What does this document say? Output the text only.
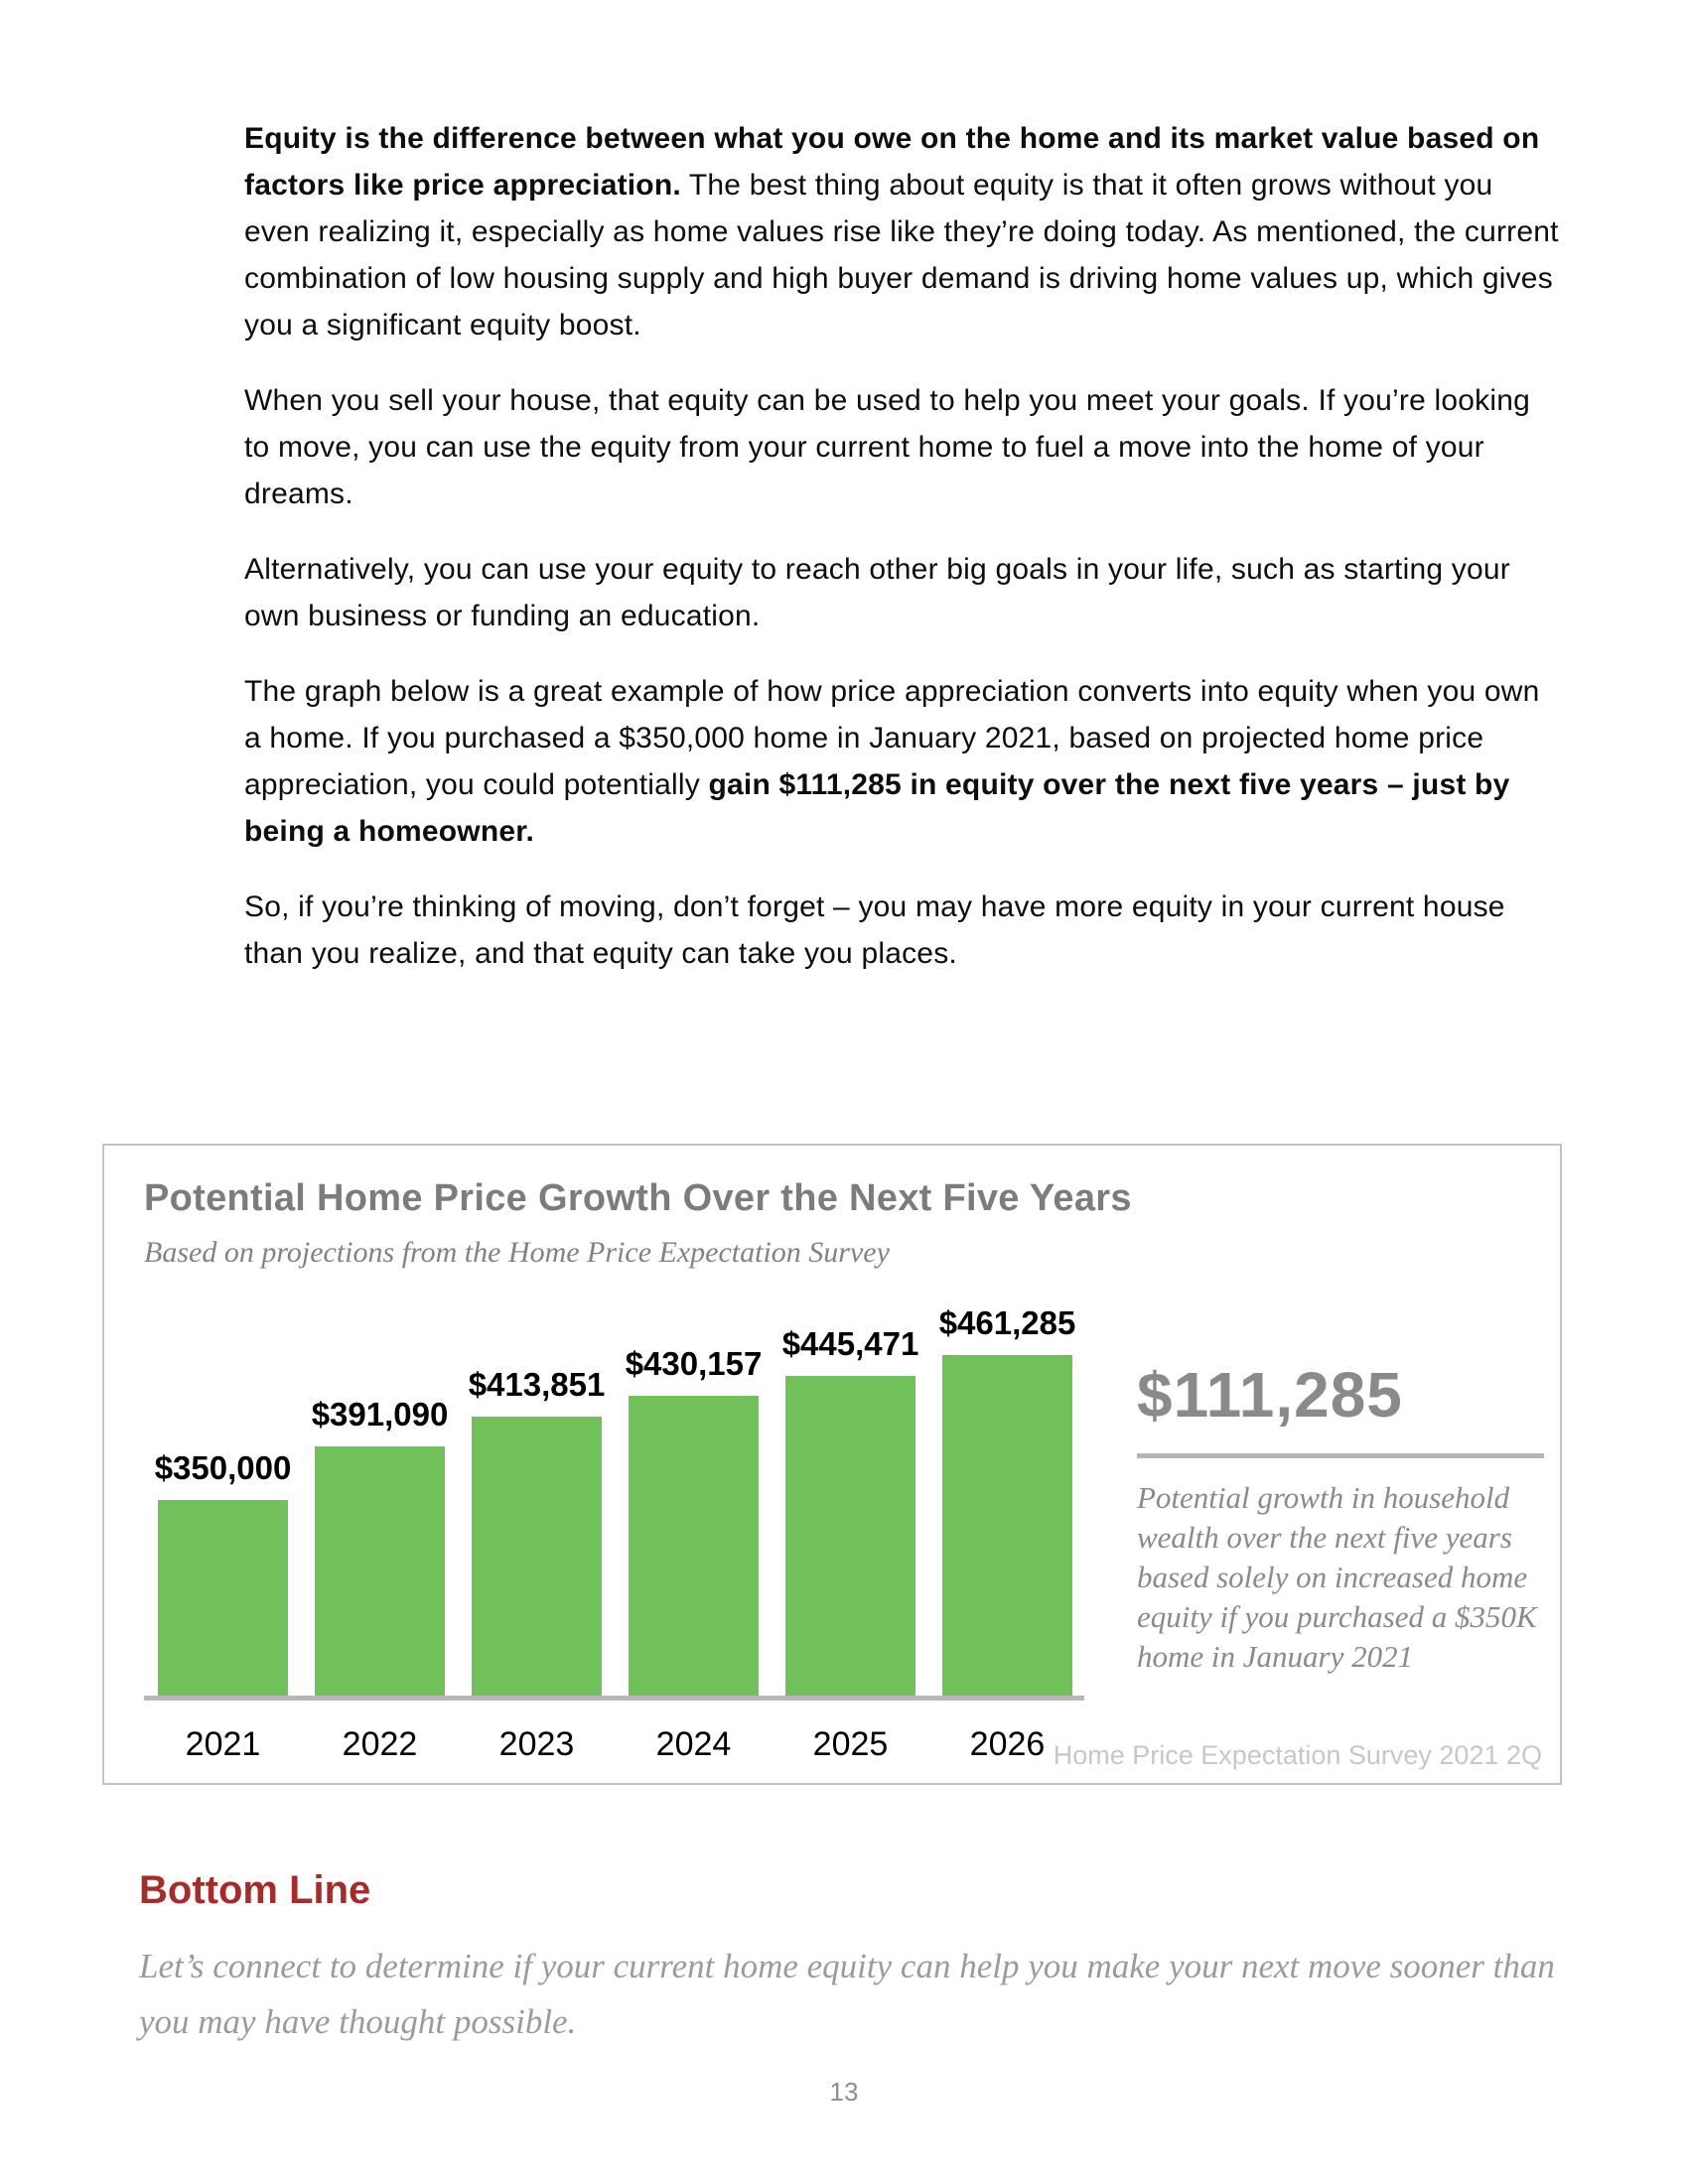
Equity is the difference between what you owe on the home and its market value based on factors like price appreciation. The best thing about equity is that it often grows without you even realizing it, especially as home values rise like they’re doing today. As mentioned, the current combination of low housing supply and high buyer demand is driving home values up, which gives you a significant equity boost.

When you sell your house, that equity can be used to help you meet your goals. If you’re looking to move, you can use the equity from your current home to fuel a move into the home of your dreams.

Alternatively, you can use your equity to reach other big goals in your life, such as starting your own business or funding an education.

The graph below is a great example of how price appreciation converts into equity when you own a home. If you purchased a $350,000 home in January 2021, based on projected home price appreciation, you could potentially gain $111,285 in equity over the next five years – just by being a homeowner.

So, if you’re thinking of moving, don’t forget – you may have more equity in your current house than you realize, and that equity can take you places.

Potential Home Price Growth Over the Next Five Years
Based on projections from the Home Price Expectation Survey
$350,000
$391,090
$413,851
$430,157
$445,471
$461,285
2021	2022	2023	2024	2025	2026
$111,285
Potential growth in household wealth over the next five years based solely on increased home equity if you purchased a $350K home in January 2021
Home Price Expectation Survey 2021 2Q
Bottom Line
Let’s connect to determine if your current home equity can help you make your next move sooner than you may have thought possible.
13
